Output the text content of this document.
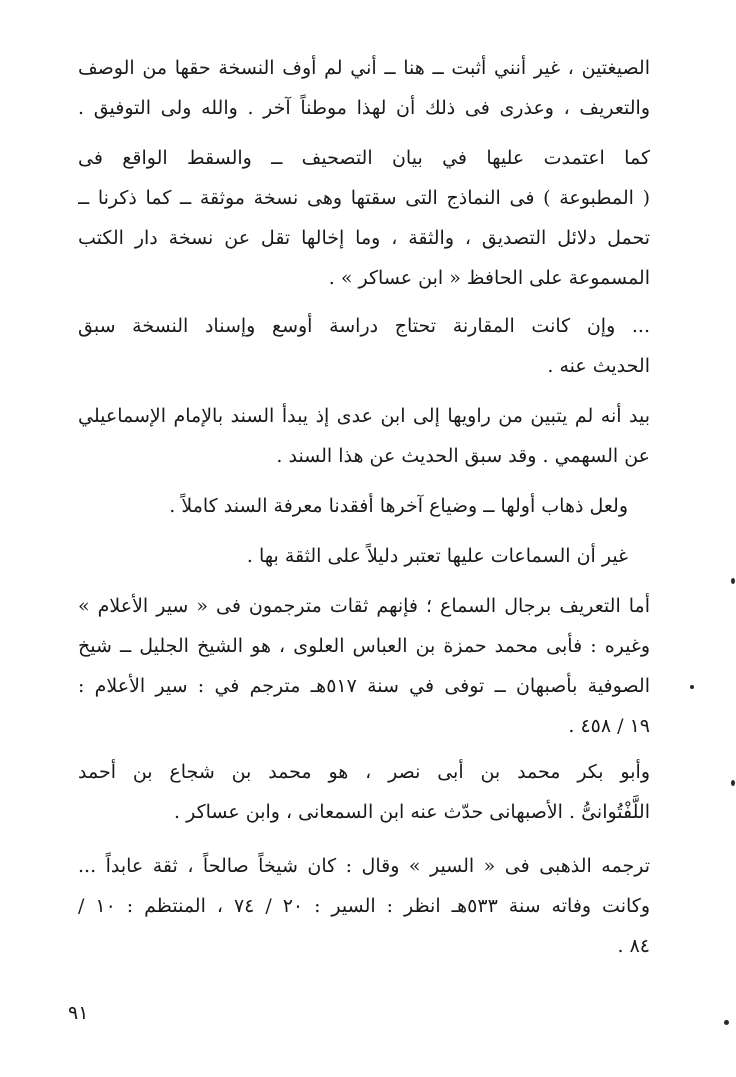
الصيغتين ، غير أنني أثبت ــ هنا ــ أني لم أوف النسخة حقها من الوصف
والتعريف ، وعذرى فى ذلك أن لهذا موطناً آخر . والله ولى التوفيق .
كما اعتمدت عليها في بيان التصحيف ــ والسقط الواقع فى
( المطبوعة ) فى النماذج التى سقتها وهى نسخة موثقة ــ كما ذكرنا ــ
تحمل دلائل التصديق ، والثقة ، وما إخالها تقل عن نسخة دار الكتب
المسموعة على الحافظ « ابن عساكر » .
... وإن كانت المقارنة تحتاج دراسة أوسع وإسناد النسخة سبق
الحديث عنه .
بيد أنه لم يتبين من راويها إلى ابن عدى إذ يبدأ السند بالإمام الإسماعيلي
عن السهمي . وقد سبق الحديث عن هذا السند .
ولعل ذهاب أولها ــ وضياع آخرها أفقدنا معرفة السند كاملاً .
غير أن السماعات عليها تعتبر دليلاً على الثقة بها .
أما التعريف برجال السماع ؛ فإنهم ثقات مترجمون فى « سير الأعلام »
وغيره : فأبى محمد حمزة بن العباس العلوى ، هو الشيخ الجليل ــ شيخ
الصوفية بأصبهان ــ توفى في سنة ٥١٧هـ مترجم في : سير الأعلام :
١٩ / ٤٥٨ .
وأبو بكر محمد بن أبى نصر ، هو محمد بن شجاع بن أحمد
اللَّفْتُوانىُّ . الأصبهانى حدّث عنه ابن السمعانى ، وابن عساكر .
ترجمه الذهبى فى « السير » وقال : كان شيخاً صالحاً ، ثقة عابداً ...
وكانت وفاته سنة ٥٣٣هـ انظر : السير : ٢٠ / ٧٤ ، المنتظم : ١٠ /
٨٤ .
٩١
